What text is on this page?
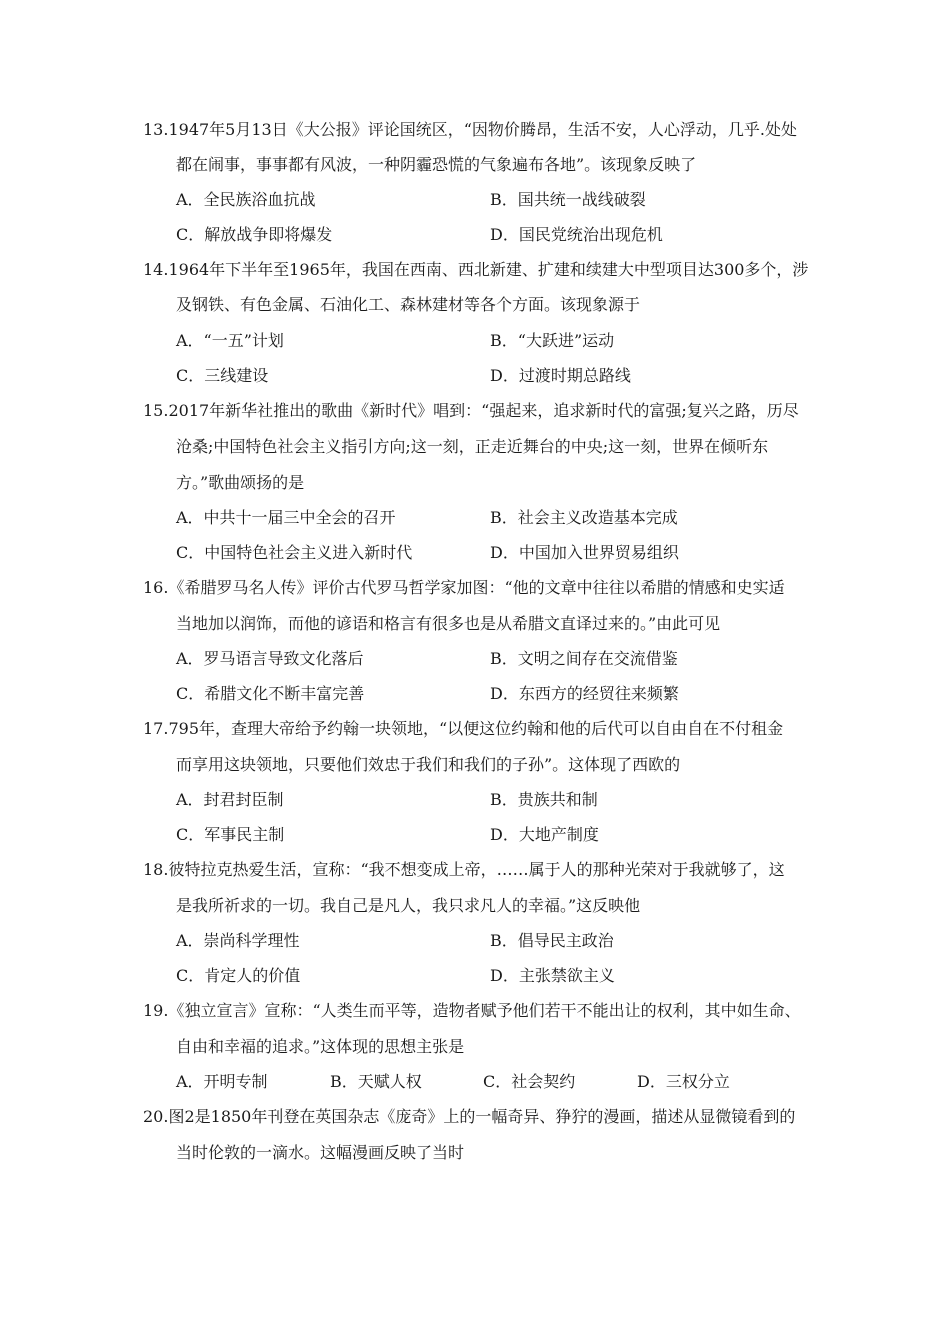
13.1947年5月13日《大公报》评论国统区，“因物价腾昂，生活不安，人心浮动，几乎.处处
都在闹事，事事都有风波，一种阴霾恐慌的气象遍布各地”。该现象反映了
A．全民族浴血抗战	B．国共统一战线破裂
C．解放战争即将爆发	D．国民党统治出现危机
14.1964年下半年至1965年，我国在西南、西北新建、扩建和续建大中型项目达300多个，涉
及钢铁、有色金属、石油化工、森林建材等各个方面。该现象源于
A．“一五”计划	B．“大跃进”运动
C．三线建设	D．过渡时期总路线
15.2017年新华社推出的歌曲《新时代》唱到：“强起来，追求新时代的富强;复兴之路，历尽
沧桑;中国特色社会主义指引方向;这一刻，正走近舞台的中央;这一刻，世界在倾听东
方。”歌曲颂扬的是
A．中共十一届三中全会的召开	B．社会主义改造基本完成
C．中国特色社会主义进入新时代	D．中国加入世界贸易组织
16.《希腊罗马名人传》评价古代罗马哲学家加图：“他的文章中往往以希腊的情感和史实适
当地加以润饰，而他的谚语和格言有很多也是从希腊文直译过来的。”由此可见
A．罗马语言导致文化落后	B．文明之间存在交流借鉴
C．希腊文化不断丰富完善	D．东西方的经贸往来频繁
17.795年，查理大帝给予约翰一块领地，“以便这位约翰和他的后代可以自由自在不付租金
而享用这块领地，只要他们效忠于我们和我们的子孙”。这体现了西欧的
A．封君封臣制	B．贵族共和制
C．军事民主制	D．大地产制度
18.彼特拉克热爱生活，宣称：“我不想变成上帝，……属于人的那种光荣对于我就够了，这
是我所祈求的一切。我自己是凡人，我只求凡人的幸福。”这反映他
A．崇尚科学理性	B．倡导民主政治
C．肯定人的价值	D．主张禁欲主义
19.《独立宣言》宣称：“人类生而平等，造物者赋予他们若干不能出让的权利，其中如生命、
自由和幸福的追求。”这体现的思想主张是
A．开明专制	B．天赋人权	C．社会契约	D．三权分立
20.图2是1850年刊登在英国杂志《庞奇》上的一幅奇异、狰狞的漫画，描述从显微镜看到的
当时伦敦的一滴水。这幅漫画反映了当时
